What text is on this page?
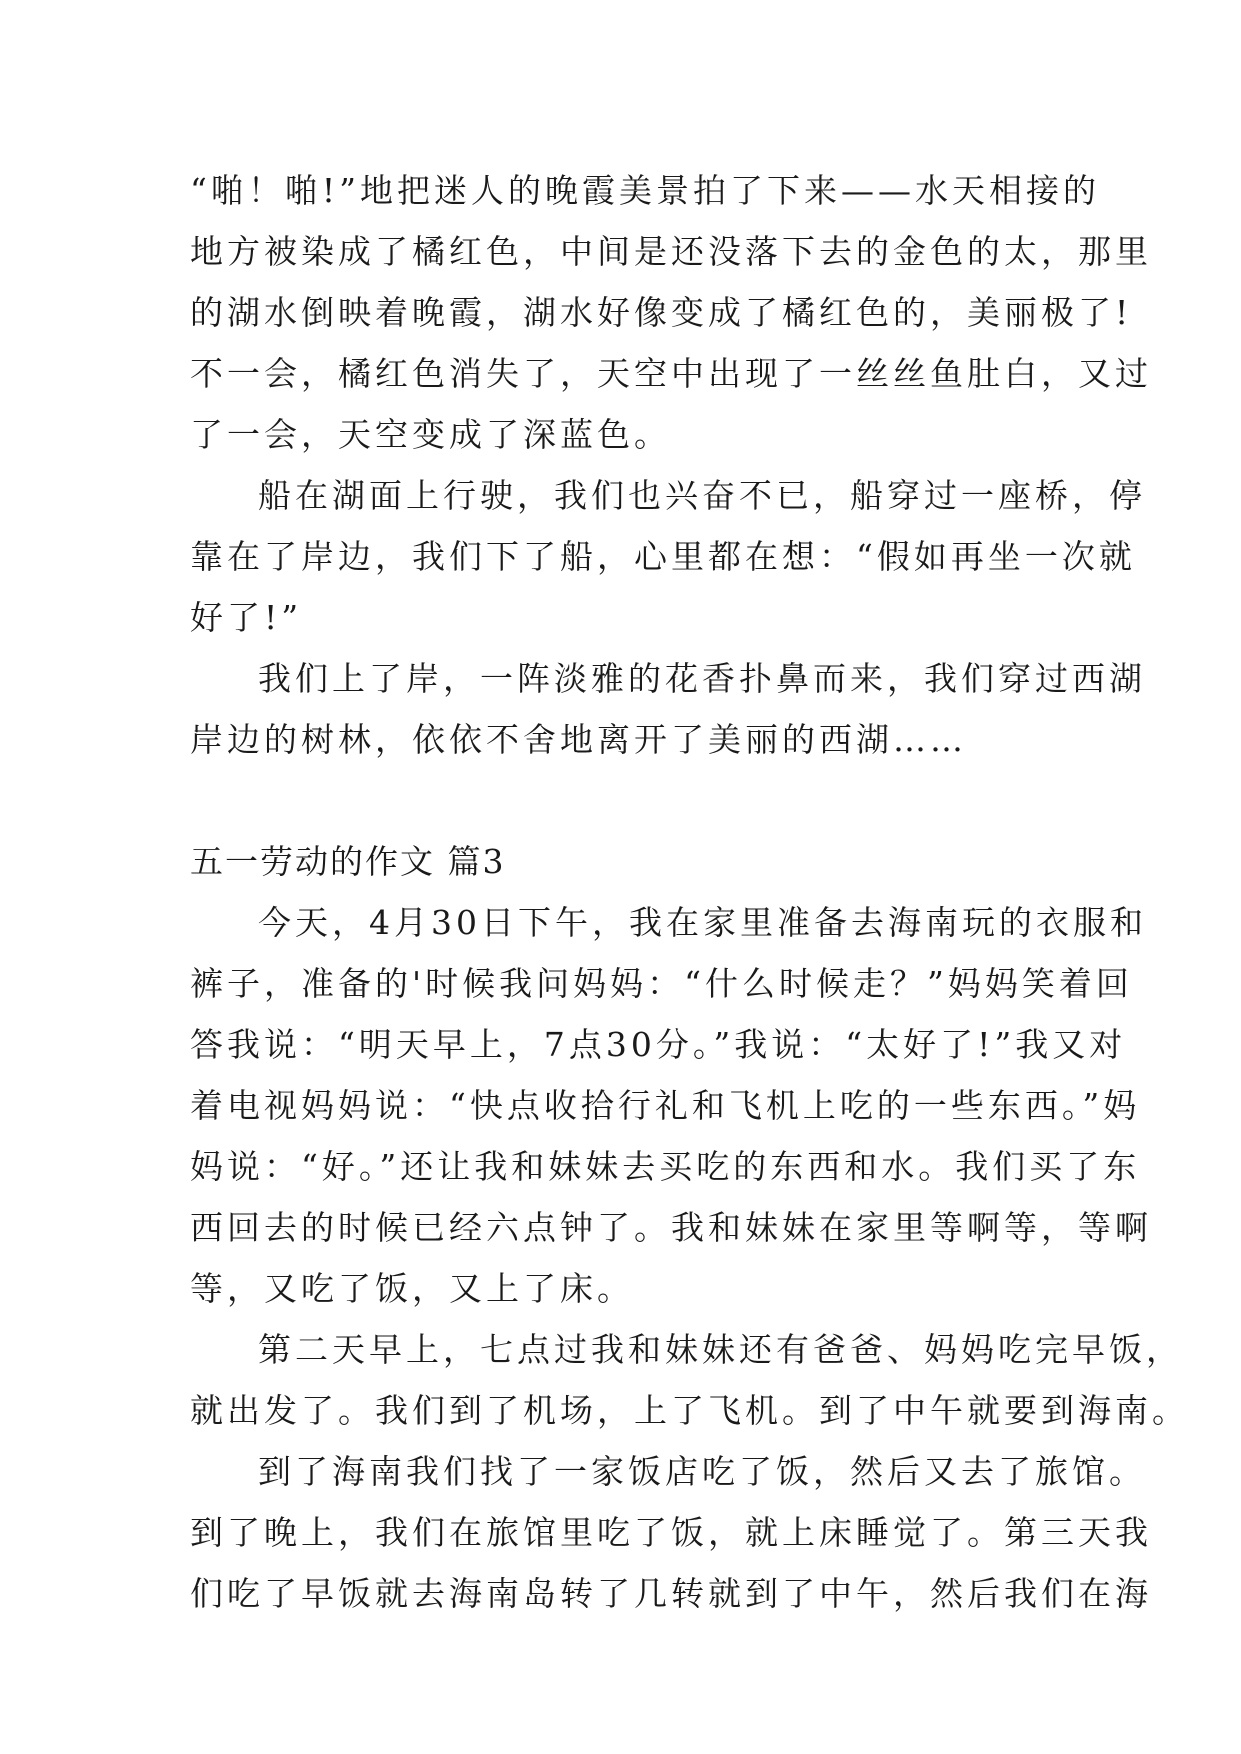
“啪！啪!”地把迷人的晚霞美景拍了下来——水天相接的
地方被染成了橘红色，中间是还没落下去的金色的太，那里
的湖水倒映着晚霞，湖水好像变成了橘红色的，美丽极了!
不一会，橘红色消失了，天空中出现了一丝丝鱼肚白，又过
了一会，天空变成了深蓝色。
船在湖面上行驶，我们也兴奋不已，船穿过一座桥，停
靠在了岸边，我们下了船，心里都在想：“假如再坐一次就
好了!”
我们上了岸，一阵淡雅的花香扑鼻而来，我们穿过西湖
岸边的树林，依依不舍地离开了美丽的西湖……
五一劳动的作文 篇3
今天，4月30日下午，我在家里准备去海南玩的衣服和
裤子，准备的'时候我问妈妈：“什么时候走？”妈妈笑着回
答我说：“明天早上，7点30分。”我说：“太好了!”我又对
着电视妈妈说：“快点收拾行礼和飞机上吃的一些东西。”妈
妈说：“好。”还让我和妹妹去买吃的东西和水。我们买了东
西回去的时候已经六点钟了。我和妹妹在家里等啊等，等啊
等，又吃了饭，又上了床。
第二天早上，七点过我和妹妹还有爸爸、妈妈吃完早饭，
就出发了。我们到了机场，上了飞机。到了中午就要到海南。
到了海南我们找了一家饭店吃了饭，然后又去了旅馆。
到了晚上，我们在旅馆里吃了饭，就上床睡觉了。第三天我
们吃了早饭就去海南岛转了几转就到了中午，然后我们在海
